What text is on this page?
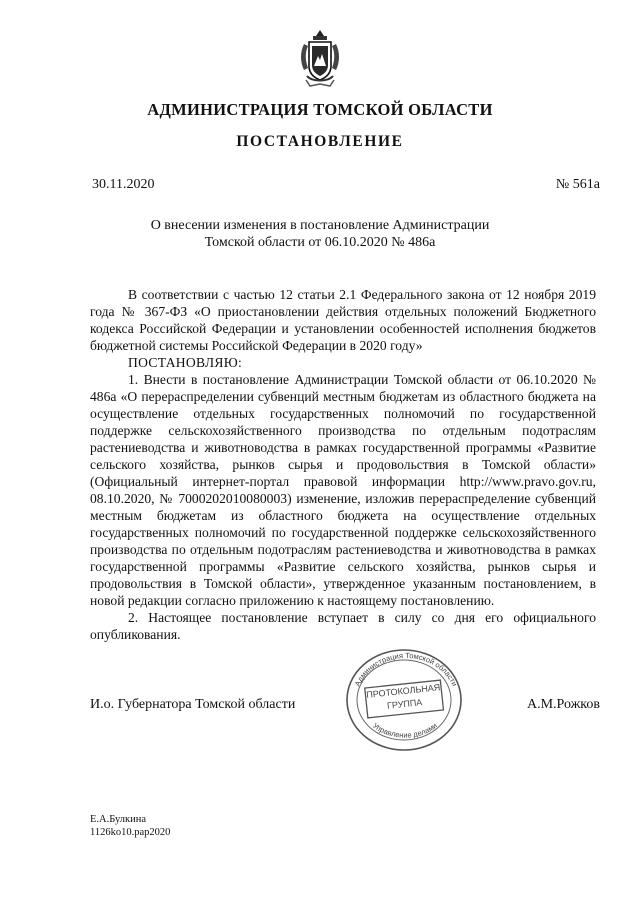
АДМИНИСТРАЦИЯ ТОМСКОЙ ОБЛАСТИ
ПОСТАНОВЛЕНИЕ
30.11.2020	№ 561а
О внесении изменения в постановление Администрации
Томской области от 06.10.2020 № 486а

В соответствии с частью 12 статьи 2.1 Федерального закона от 12 ноября 2019 года № 367-ФЗ «О приостановлении действия отдельных положений Бюджетного кодекса Российской Федерации и установлении особенностей исполнения бюджетов бюджетной системы Российской Федерации в 2020 году»

ПОСТАНОВЛЯЮ:

1. Внести в постановление Администрации Томской области от 06.10.2020 № 486а «О перераспределении субвенций местным бюджетам из областного бюджета на осуществление отдельных государственных полномочий по государственной поддержке сельскохозяйственного производства по отдельным подотраслям растениеводства и животноводства в рамках государственной программы «Развитие сельского хозяйства, рынков сырья и продовольствия в Томской области» (Официальный интернет-портал правовой информации http://www.pravo.gov.ru, 08.10.2020, № 7000202010080003) изменение, изложив перераспределение субвенций местным бюджетам из областного бюджета на осуществление отдельных государственных полномочий по государственной поддержке сельскохозяйственного производства по отдельным подотраслям растениеводства и животноводства в рамках государственной программы «Развитие сельского хозяйства, рынков сырья и продовольствия в Томской области», утвержденное указанным постановлением, в новой редакции согласно приложению к настоящему постановлению.

2. Настоящее постановление вступает в силу со дня его официального опубликования.

И.о. Губернатора Томской области
Администрация Томской области
Управление делами
ПРОТОКОЛЬНАЯ ГРУППА	А.М.Рожков
Е.А.Булкина
1126ko10.рар2020
